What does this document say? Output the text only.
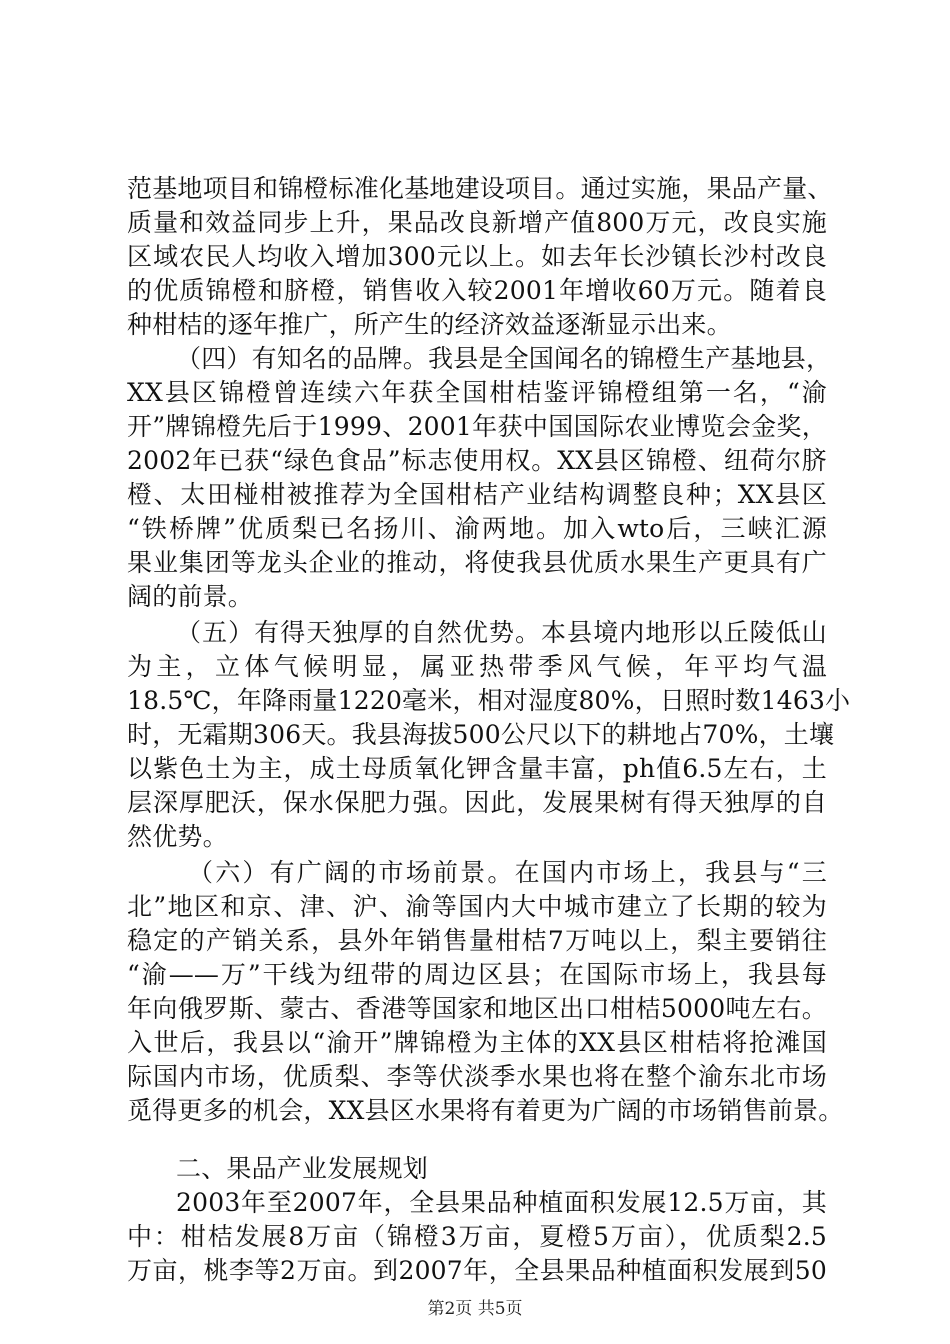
范基地项目和锦橙标准化基地建设项目。通过实施，果品产量、
质量和效益同步上升，果品改良新增产值800万元，改良实施
区域农民人均收入增加300元以上。如去年长沙镇长沙村改良
的优质锦橙和脐橙，销售收入较2001年增收60万元。随着良
种柑桔的逐年推广，所产生的经济效益逐渐显示出来。
（四）有知名的品牌。我县是全国闻名的锦橙生产基地县，
XX县区锦橙曾连续六年获全国柑桔鉴评锦橙组第一名，“渝
开”牌锦橙先后于1999、2001年获中国国际农业博览会金奖，
2002年已获“绿色食品”标志使用权。XX县区锦橙、纽荷尔脐
橙、太田椪柑被推荐为全国柑桔产业结构调整良种；XX县区
“铁桥牌”优质梨已名扬川、渝两地。加入wto后，三峡汇源
果业集团等龙头企业的推动，将使我县优质水果生产更具有广
阔的前景。
（五）有得天独厚的自然优势。本县境内地形以丘陵低山
为主，立体气候明显，属亚热带季风气候，年平均气温
18.5℃，年降雨量1220毫米，相对湿度80%，日照时数1463小
时，无霜期306天。我县海拔500公尺以下的耕地占70%，土壤
以紫色土为主，成土母质氧化钾含量丰富，ph值6.5左右，土
层深厚肥沃，保水保肥力强。因此，发展果树有得天独厚的自
然优势。
（六）有广阔的市场前景。在国内市场上，我县与“三
北”地区和京、津、沪、渝等国内大中城市建立了长期的较为
稳定的产销关系，县外年销售量柑桔7万吨以上，梨主要销往
“渝——万”干线为纽带的周边区县；在国际市场上，我县每
年向俄罗斯、蒙古、香港等国家和地区出口柑桔5000吨左右。
入世后，我县以“渝开”牌锦橙为主体的XX县区柑桔将抢滩国
际国内市场，优质梨、李等伏淡季水果也将在整个渝东北市场
觅得更多的机会，XX县区水果将有着更为广阔的市场销售前景。
二、果品产业发展规划
2003年至2007年，全县果品种植面积发展12.5万亩，其
中：柑桔发展8万亩（锦橙3万亩，夏橙5万亩），优质梨2.5
万亩，桃李等2万亩。到2007年，全县果品种植面积发展到50
第2页 共5页
